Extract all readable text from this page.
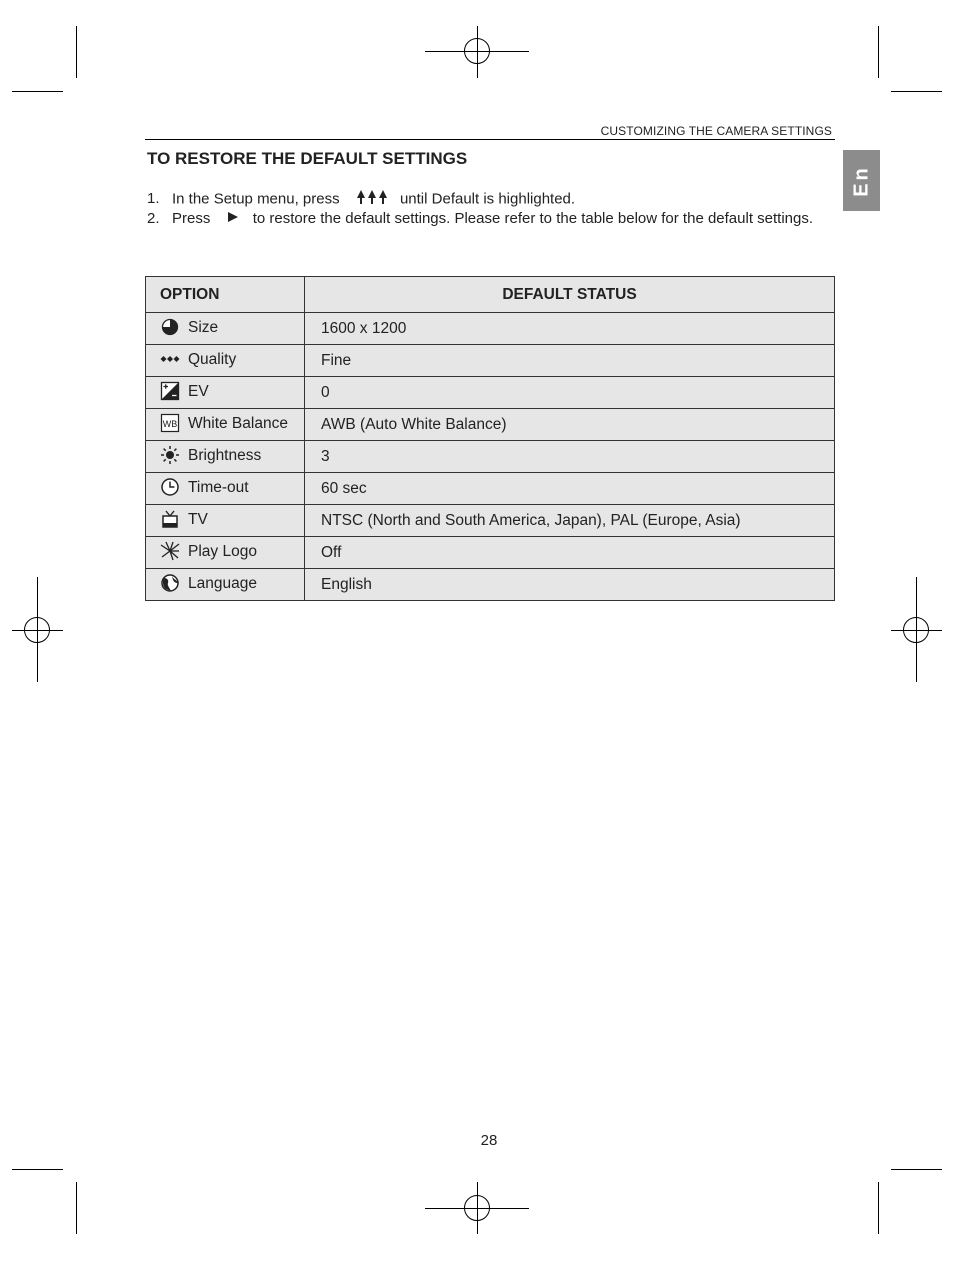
CUSTOMIZING THE CAMERA SETTINGS
En
TO RESTORE THE DEFAULT SETTINGS
1. In the Setup menu, press	until Default is highlighted.
2. Press	to restore the default settings. Please refer to the table below for the default settings.
OPTION	DEFAULT STATUS
Size	1600 x 1200
Quality	Fine
EV	0

WB White Balance	AWB (Auto White Balance)
Brightness	3
Time-out	60 sec
TV	NTSC (North and South America, Japan), PAL (Europe, Asia)
Play Logo	Off
Language	English
28
